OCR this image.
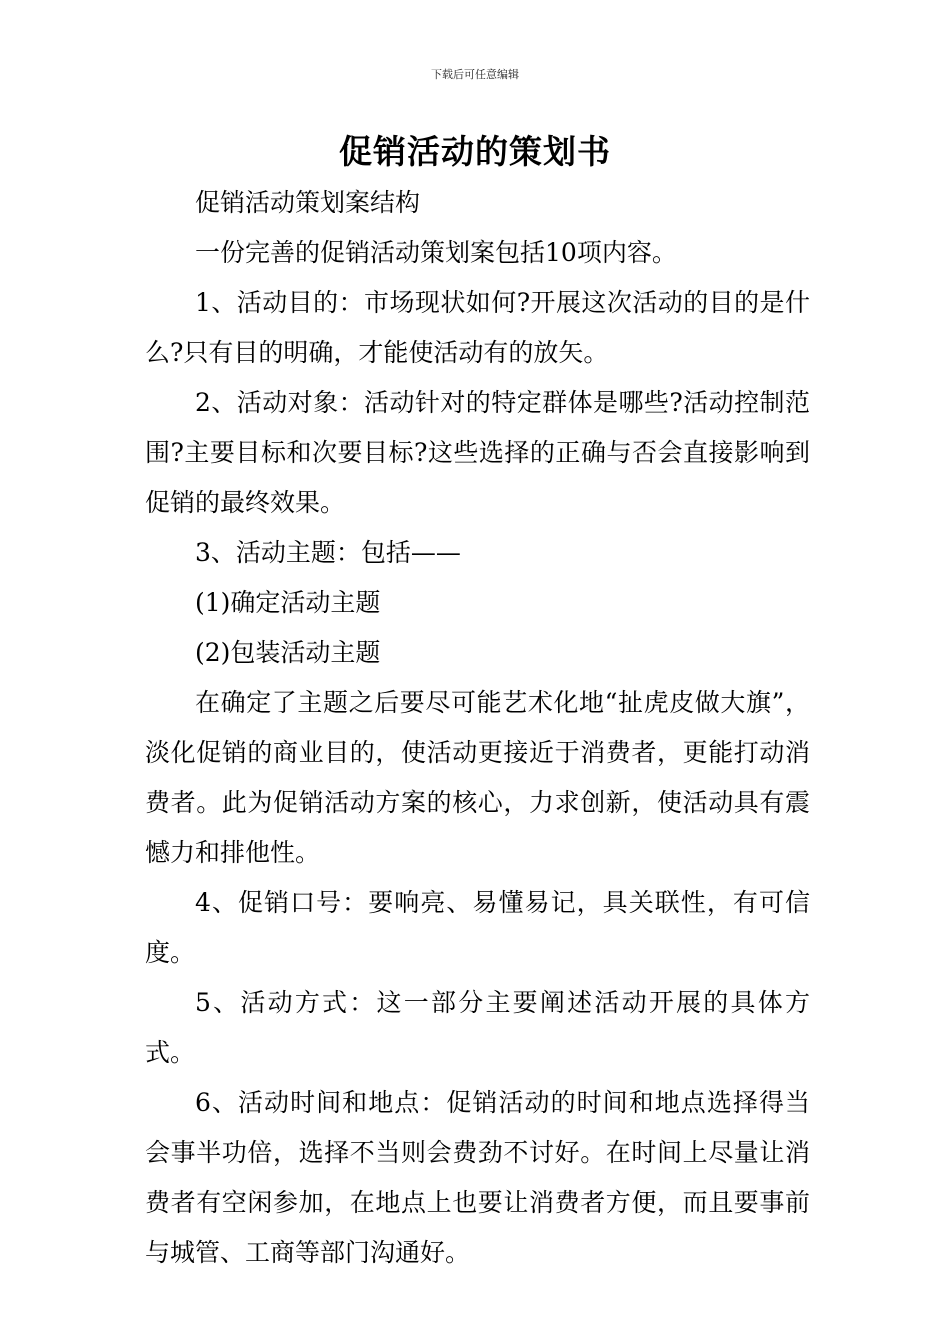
下载后可任意编辑
促销活动的策划书

促销活动策划案结构

一份完善的促销活动策划案包括10项内容。

1、活动目的：市场现状如何?开展这次活动的目的是什么?只有目的明确，才能使活动有的放矢。

2、活动对象：活动针对的特定群体是哪些?活动控制范围?主要目标和次要目标?这些选择的正确与否会直接影响到促销的最终效果。

3、活动主题：包括——

(1)确定活动主题

(2)包装活动主题

在确定了主题之后要尽可能艺术化地“扯虎皮做大旗”，淡化促销的商业目的，使活动更接近于消费者，更能打动消费者。此为促销活动方案的核心，力求创新，使活动具有震憾力和排他性。

4、促销口号：要响亮、易懂易记，具关联性，有可信度。

5、活动方式：这一部分主要阐述活动开展的具体方式。

6、活动时间和地点：促销活动的时间和地点选择得当会事半功倍，选择不当则会费劲不讨好。在时间上尽量让消费者有空闲参加，在地点上也要让消费者方便，而且要事前与城管、工商等部门沟通好。
